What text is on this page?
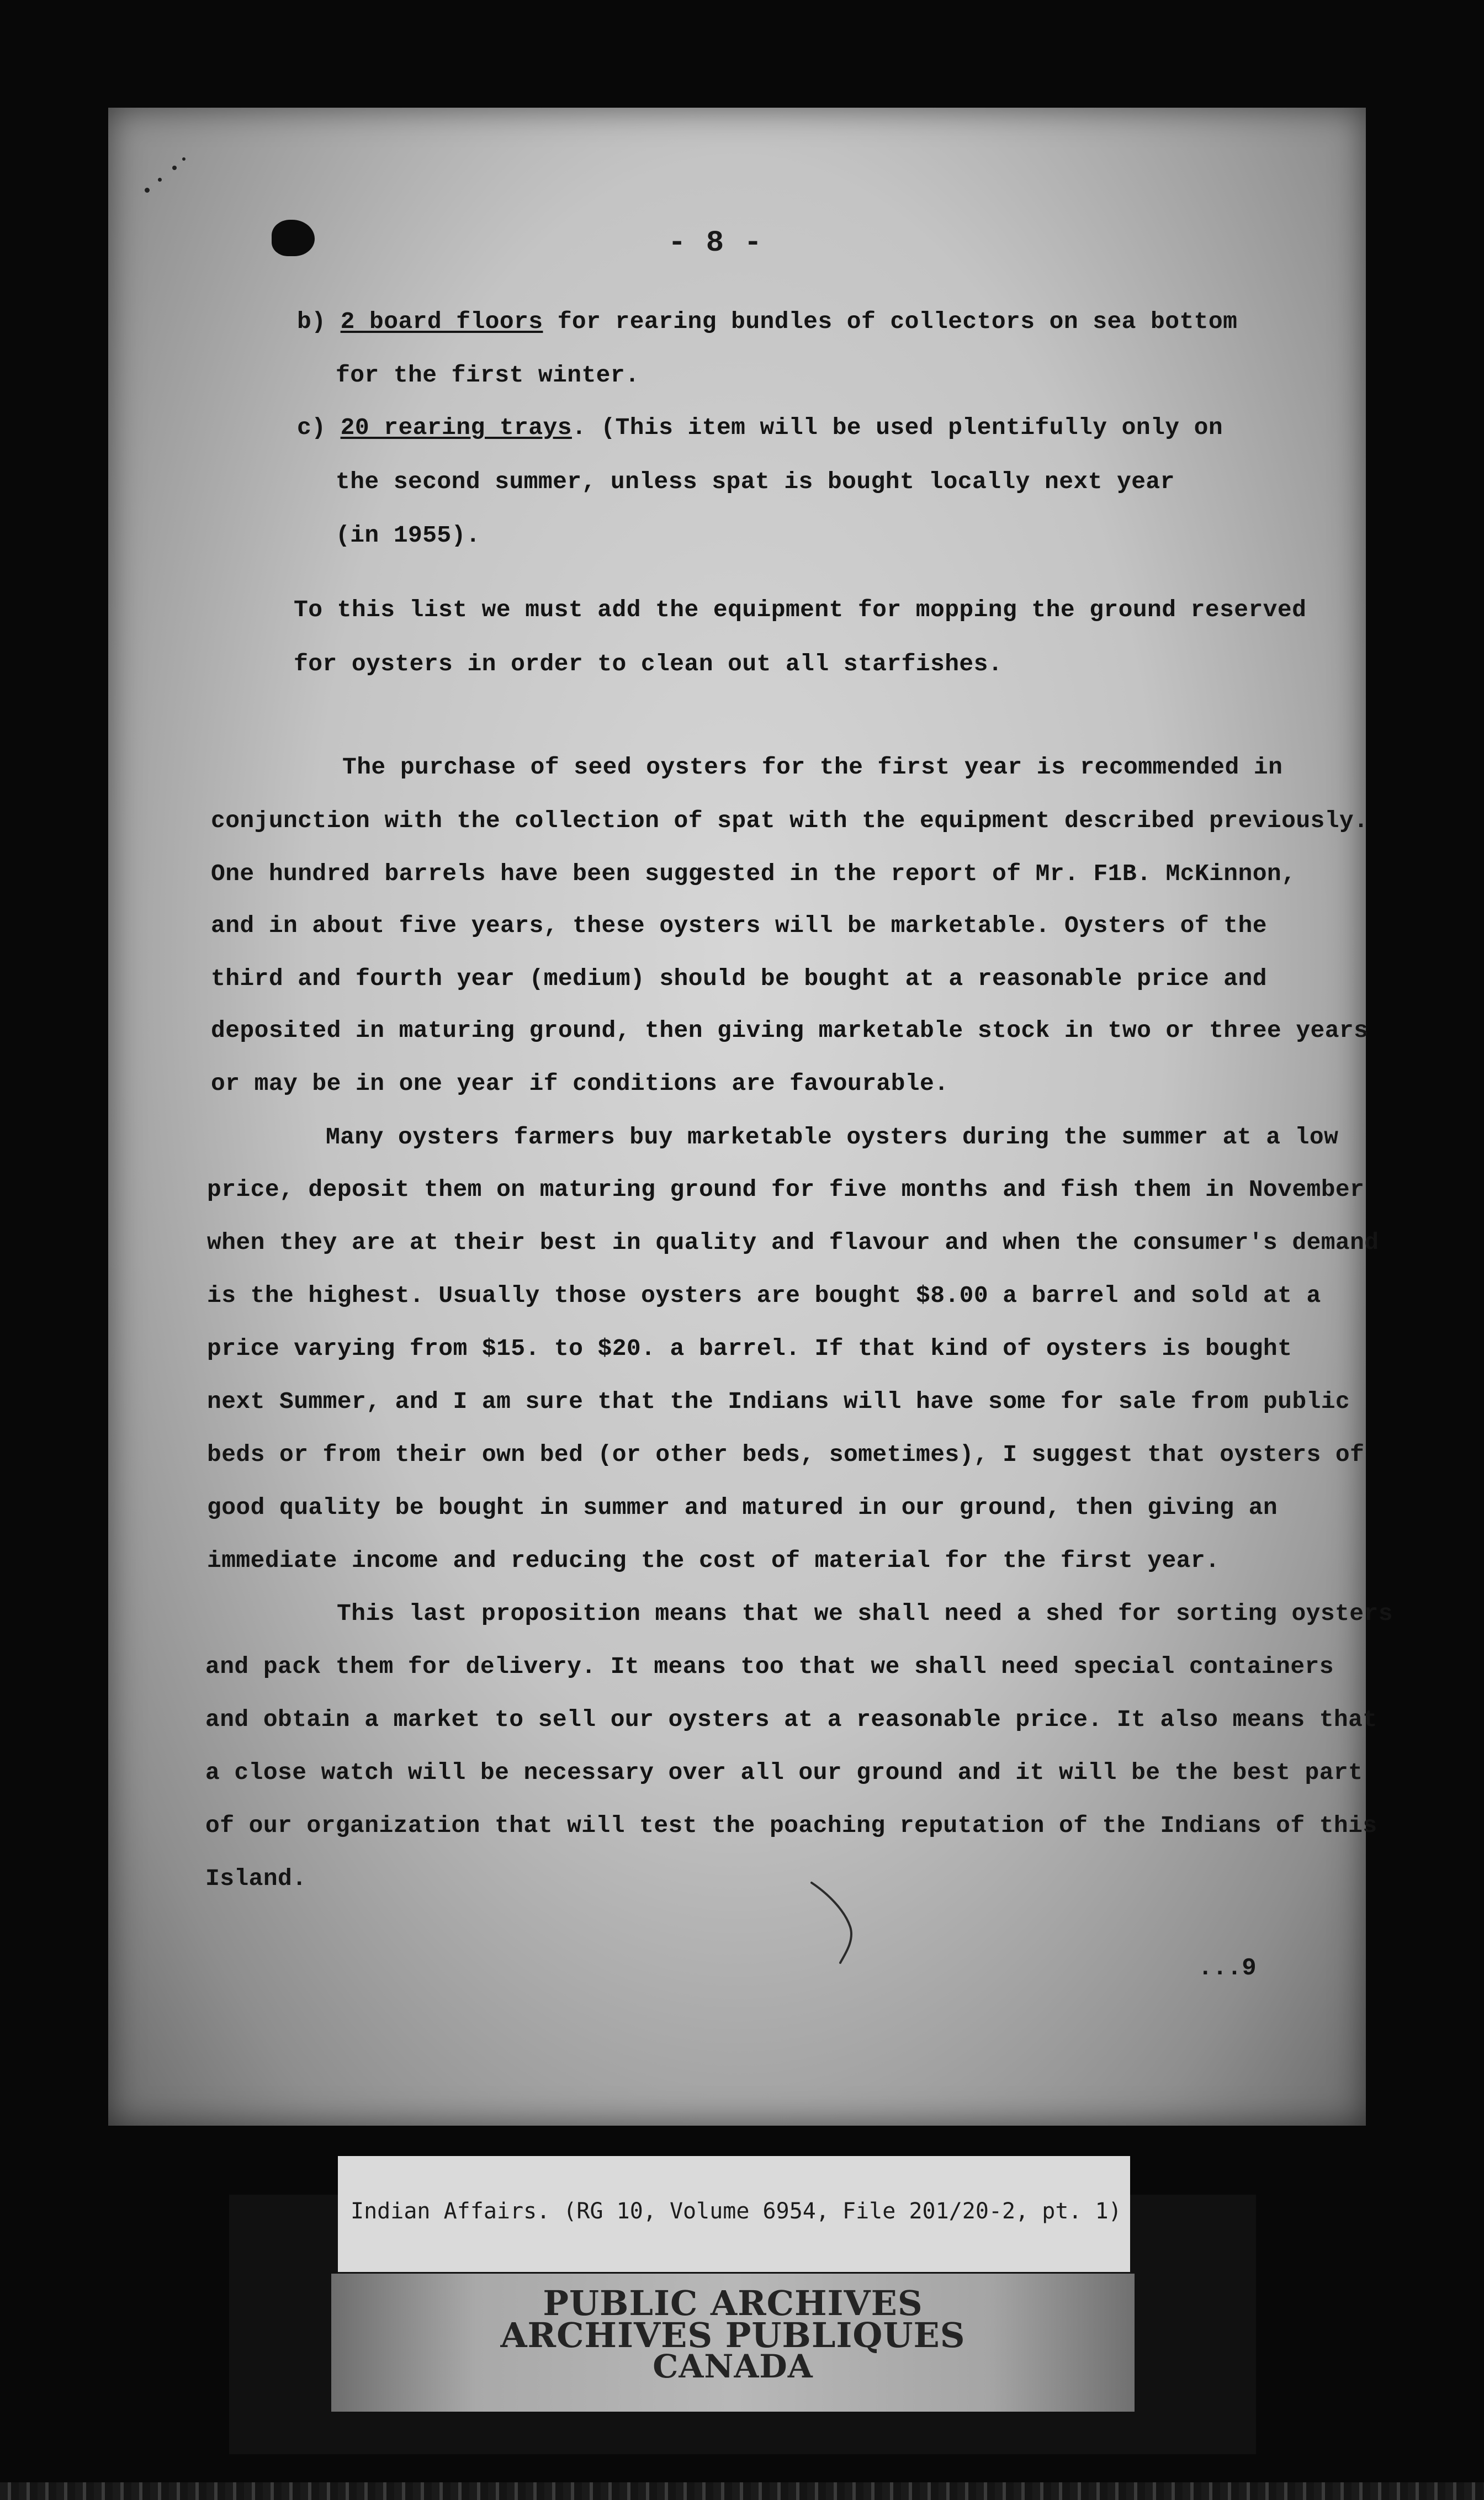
- 8 -
b) 2 board floors for rearing bundles of collectors on sea bottom
for the first winter.
c) 20 rearing trays. (This item will be used plentifully only on
the second summer, unless spat is bought locally next year
(in 1955).
To this list we must add the equipment for mopping the ground reserved
for oysters in order to clean out all starfishes.
The purchase of seed oysters for the first year is recommended in
conjunction with the collection of spat with the equipment described previously.
One hundred barrels have been suggested in the report of Mr. F1B. McKinnon,
and in about five years, these oysters will be marketable. Oysters of the
third and fourth year (medium) should be bought at a reasonable price and
deposited in maturing ground, then giving marketable stock in two or three years
or may be in one year if conditions are favourable.
Many oysters farmers buy marketable oysters during the summer at a low
price, deposit them on maturing ground for five months and fish them in November
when they are at their best in quality and flavour and when the consumer's demand
is the highest. Usually those oysters are bought $8.00 a barrel and sold at a
price varying from $15. to $20. a barrel. If that kind of oysters is bought
next Summer, and I am sure that the Indians will have some for sale from public
beds or from their own bed (or other beds, sometimes), I suggest that oysters of
good quality be bought in summer and matured in our ground, then giving an
immediate income and reducing the cost of material for the first year.
This last proposition means that we shall need a shed for sorting oysters
and pack them for delivery. It means too that we shall need special containers
and obtain a market to sell our oysters at a reasonable price. It also means that
a close watch will be necessary over all our ground and it will be the best part
of our organization that will test the poaching reputation of the Indians of this
Island.
...9
Indian Affairs. (RG 10, Volume 6954, File 201/20-2, pt. 1)
PUBLIC ARCHIVES
ARCHIVES PUBLIQUES
CANADA
